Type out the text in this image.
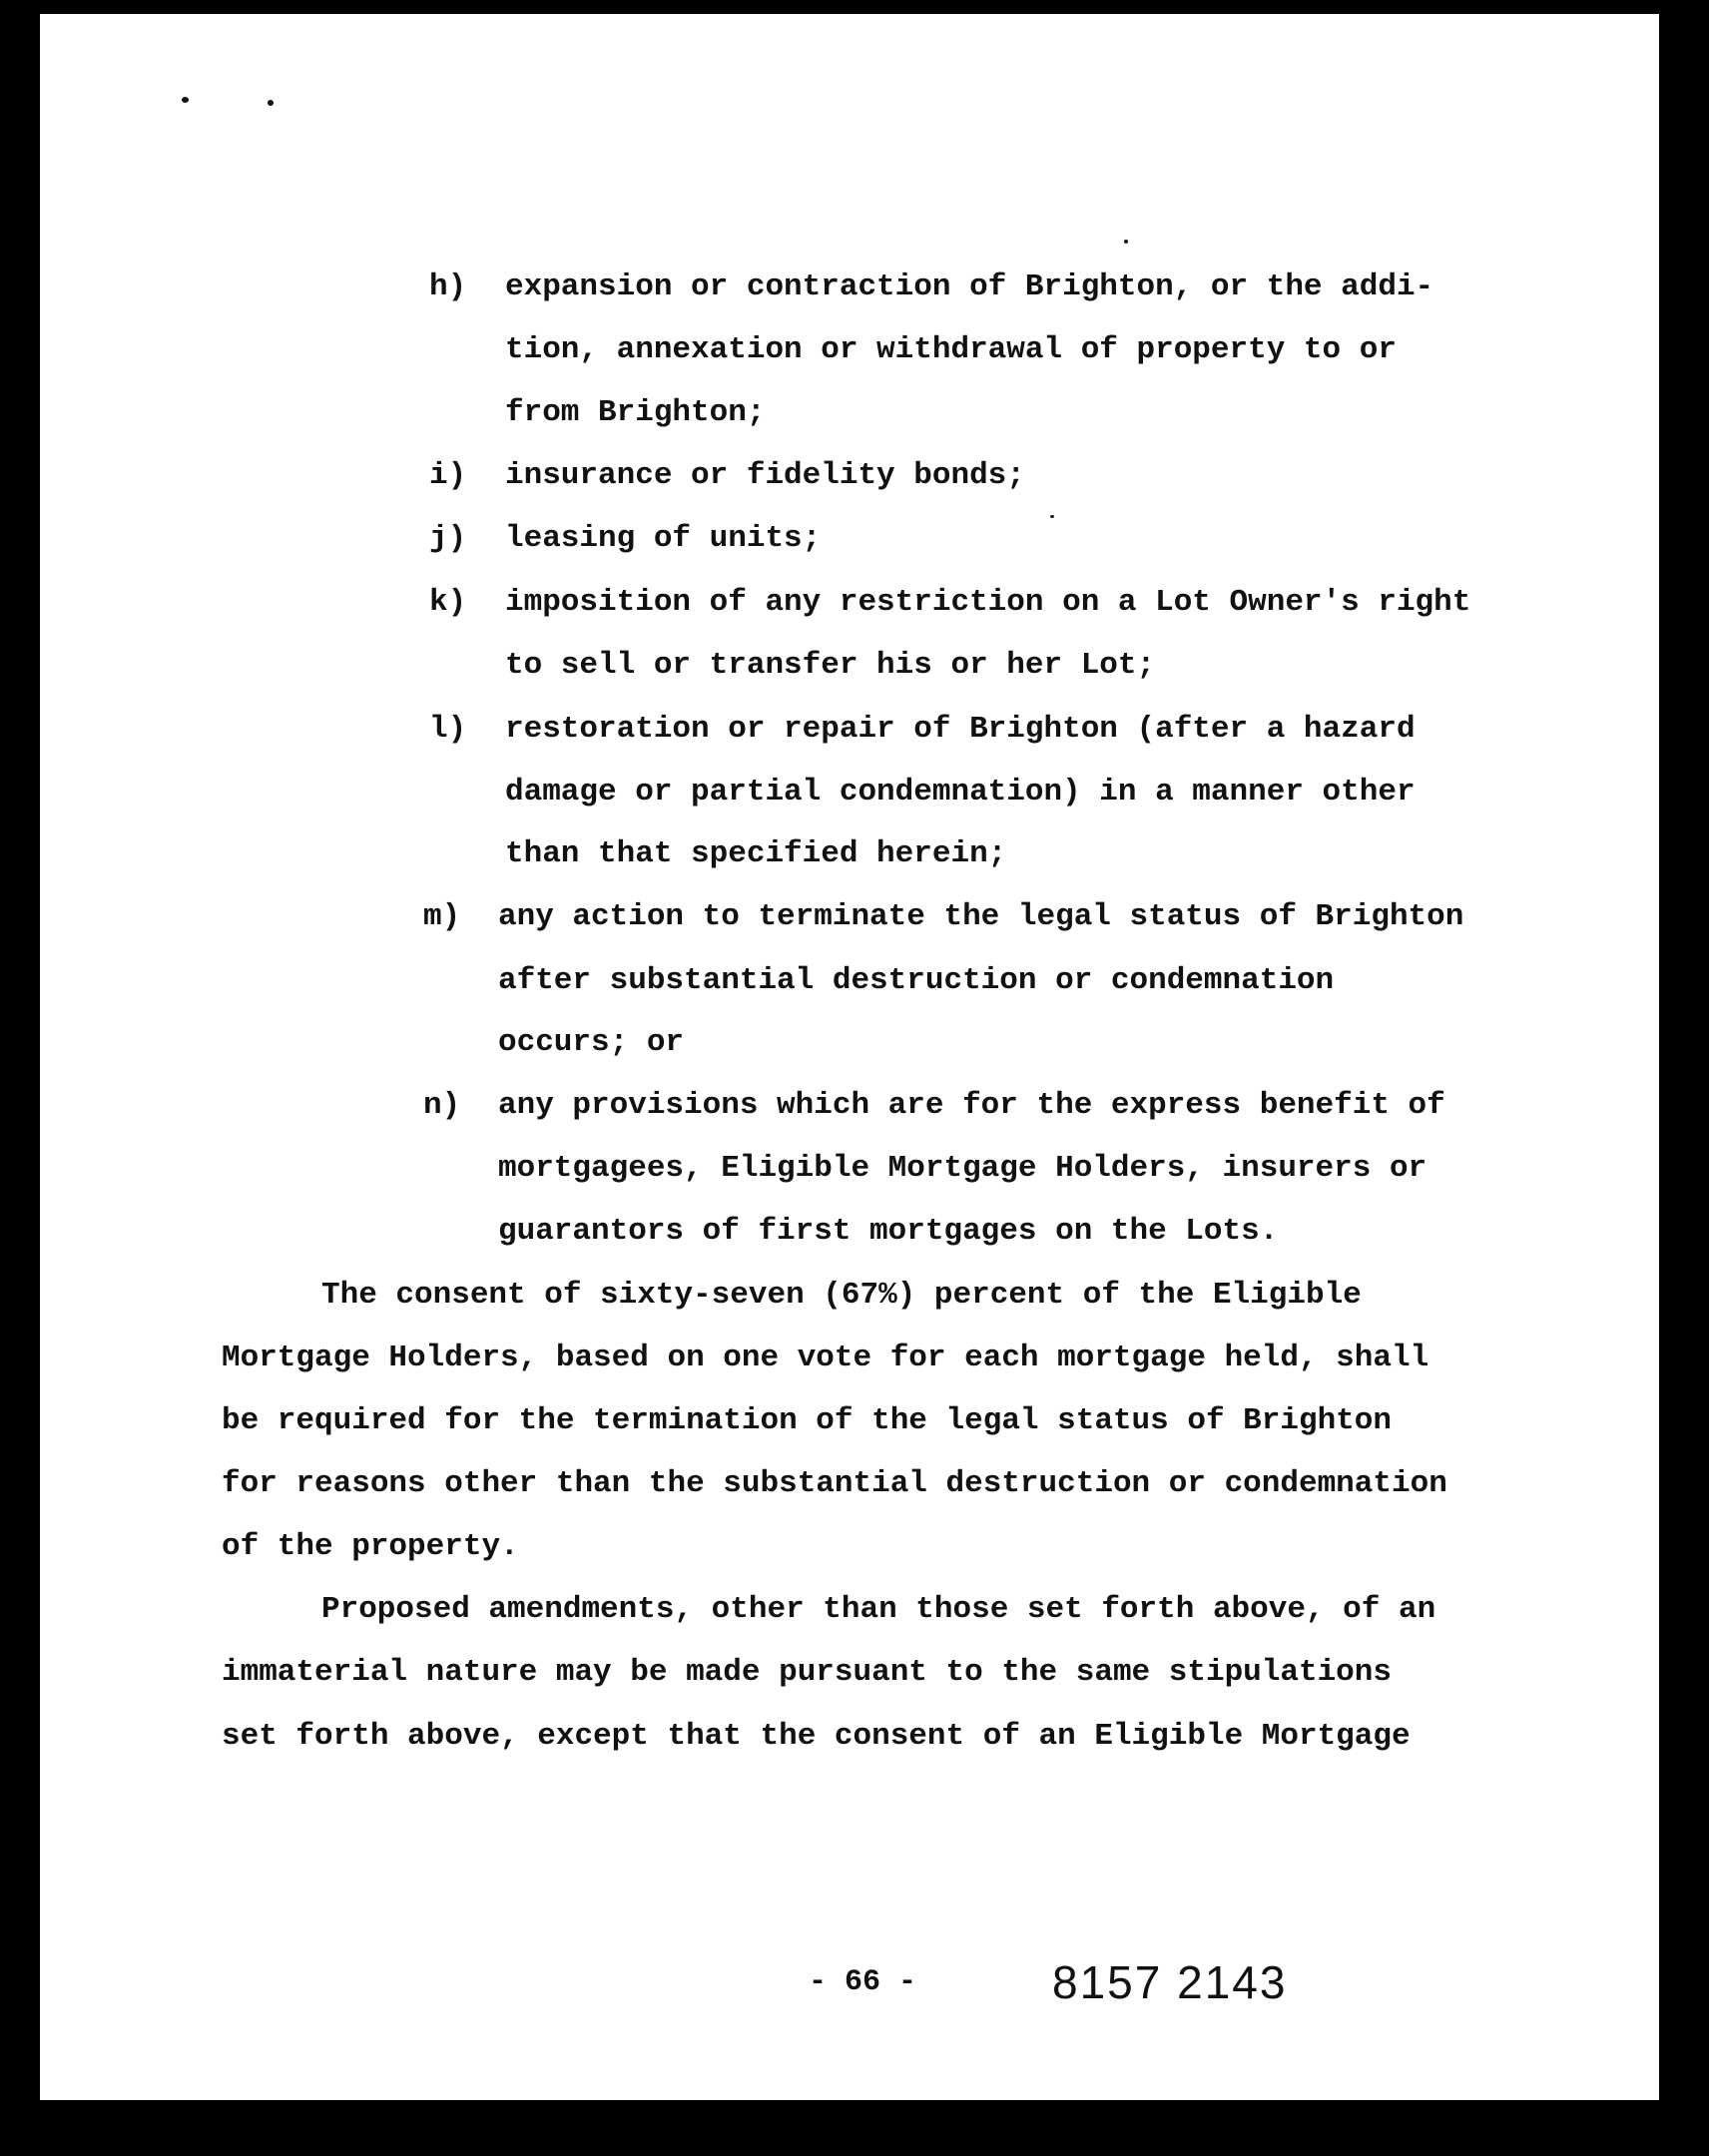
h) expansion or contraction of Brighton, or the addi-
tion, annexation or withdrawal of property to or
from Brighton;
i) insurance or fidelity bonds;
j) leasing of units;
k) imposition of any restriction on a Lot Owner's right
to sell or transfer his or her Lot;
l) restoration or repair of Brighton (after a hazard
damage or partial condemnation) in a manner other
than that specified herein;
m) any action to terminate the legal status of Brighton
after substantial destruction or condemnation
occurs; or
n) any provisions which are for the express benefit of
mortgagees, Eligible Mortgage Holders, insurers or
guarantors of first mortgages on the Lots.
The consent of sixty-seven (67%) percent of the Eligible
Mortgage Holders, based on one vote for each mortgage held, shall
be required for the termination of the legal status of Brighton
for reasons other than the substantial destruction or condemnation
of the property.
Proposed amendments, other than those set forth above, of an
immaterial nature may be made pursuant to the same stipulations
set forth above, except that the consent of an Eligible Mortgage
- 66 -	8157 2143
